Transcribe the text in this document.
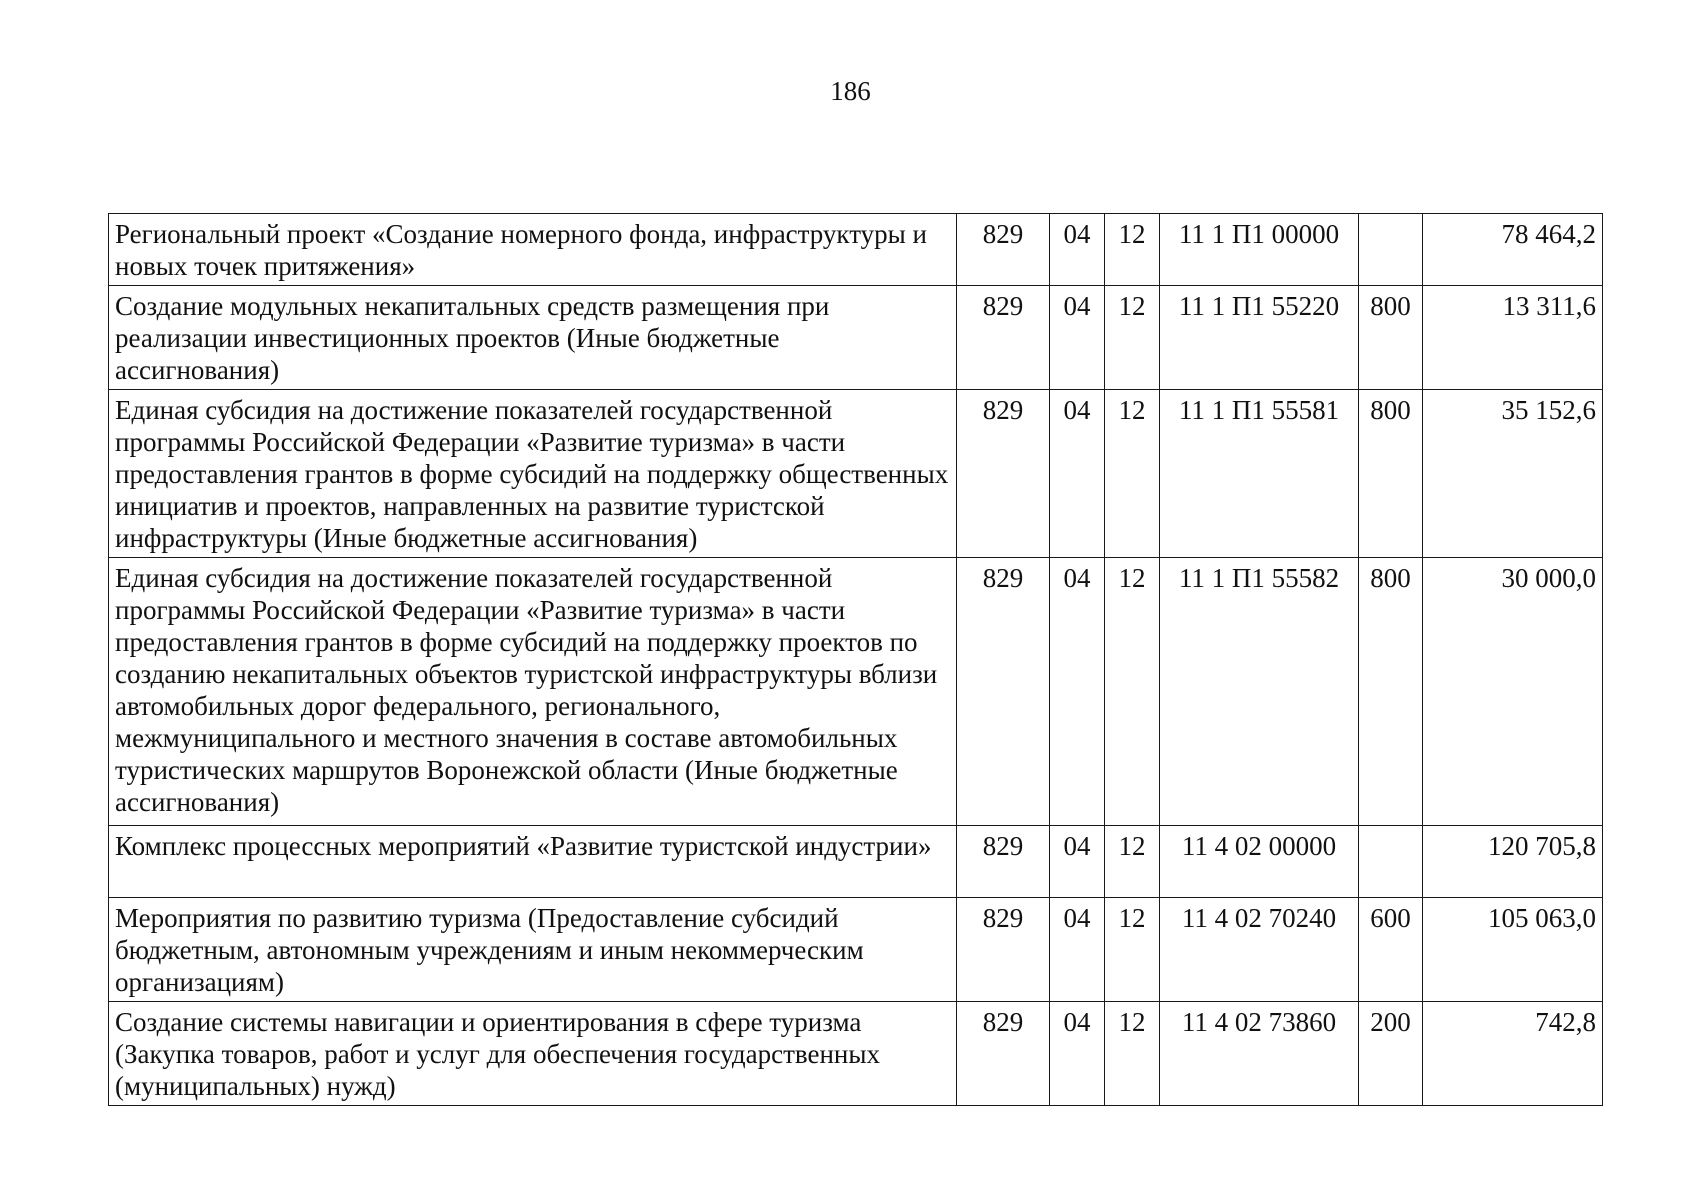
186
Региональный проект «Создание номерного фонда, инфраструктуры и новых точек притяжения»	829	04	12	11 1 П1 00000		78 464,2
Создание модульных некапитальных средств размещения при реализации инвестиционных проектов (Иные бюджетные ассигнования)	829	04	12	11 1 П1 55220	800	13 311,6
Единая субсидия на достижение показателей государственной программы Российской Федерации «Развитие туризма» в части предоставления грантов в форме субсидий на поддержку общественных инициатив и проектов, направленных на развитие туристской инфраструктуры (Иные бюджетные ассигнования)	829	04	12	11 1 П1 55581	800	35 152,6
Единая субсидия на достижение показателей государственной программы Российской Федерации «Развитие туризма» в части предоставления грантов в форме субсидий на поддержку проектов по созданию некапитальных объектов туристской инфраструктуры вблизи автомобильных дорог федерального, регионального, межмуниципального и местного значения в составе автомобильных туристических маршрутов Воронежской области (Иные бюджетные ассигнования)	829	04	12	11 1 П1 55582	800	30 000,0
Комплекс процессных мероприятий «Развитие туристской индустрии»	829	04	12	11 4 02 00000		120 705,8
Мероприятия по развитию туризма (Предоставление субсидий бюджетным, автономным учреждениям и иным некоммерческим организациям)	829	04	12	11 4 02 70240	600	105 063,0
Создание системы навигации и ориентирования в сфере туризма (Закупка товаров, работ и услуг для обеспечения государственных (муниципальных) нужд)	829	04	12	11 4 02 73860	200	742,8
